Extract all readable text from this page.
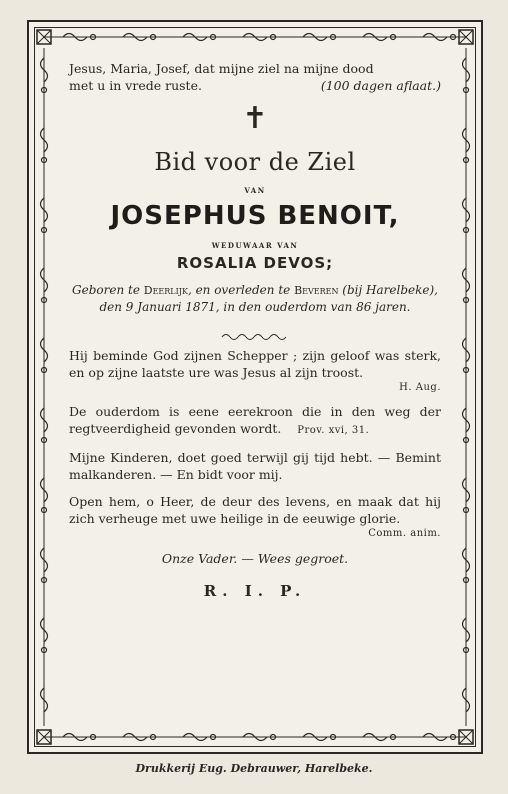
Jesus, Maria, Josef, dat mijne ziel na mijne dood

met u in vrede ruste.	(100 dagen aflaat.)

✝
Bid voor de Ziel
VAN
JOSEPHUS BENOIT,
WEDUWAAR VAN
ROSALIA DEVOS;

Geboren te Deerlijk, en overleden te Beveren (bij Harelbeke), den 9 Januari 1871, in den ouderdom van 86 jaren.

Hij beminde God zijnen Schepper ; zijn geloof was sterk, en op zijne laatste ure was Jesus al zijn troost.

H. Aug.

De ouderdom is eene eerekroon die in den weg der regtveerdigheid gevonden wordt. Prov. xvi, 31.

Mijne Kinderen, doet goed terwijl gij tijd hebt. — Bemint malkanderen. — En bidt voor mij.

Open hem, o Heer, de deur des levens, en maak dat hij zich verheuge met uwe heilige in de eeuwige glorie.

Comm. anim.
Onze Vader. — Wees gegroet.
R. I. P.
Drukkerij Eug. Debrauwer, Harelbeke.
